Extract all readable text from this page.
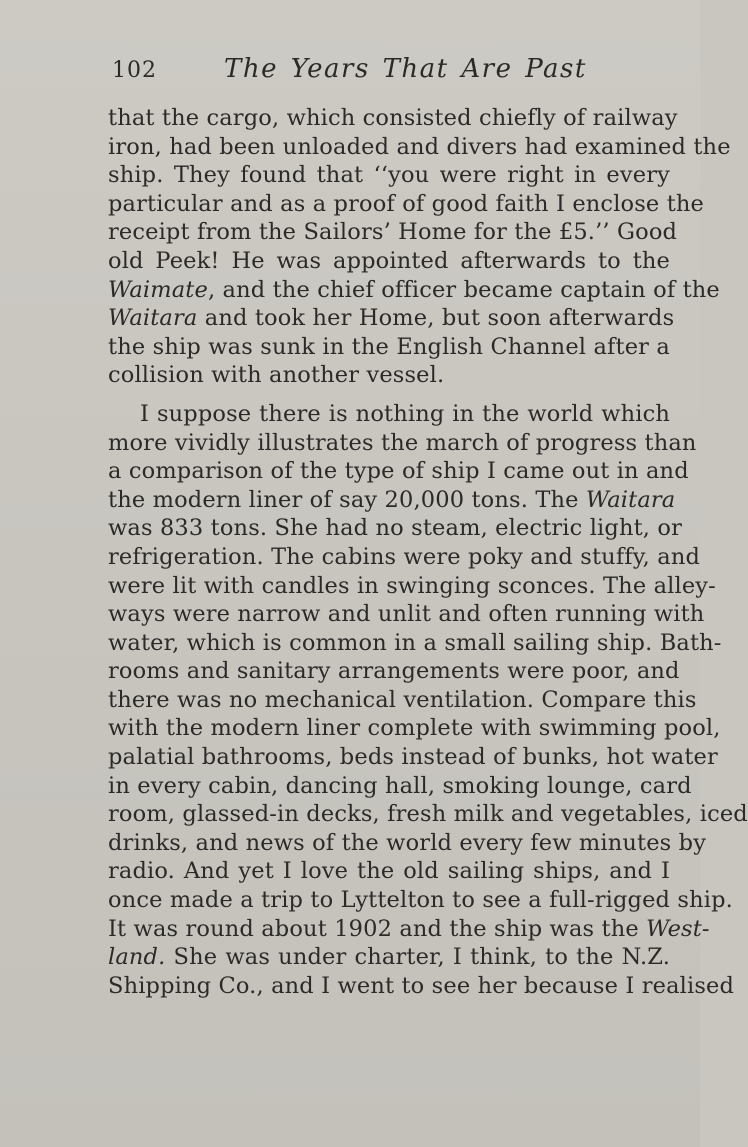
102	The Years That Are Past

that the cargo, which consisted chiefly of railway
iron, had been unloaded and divers had examined the
ship. They found that ‘‘you were right in every
particular and as a proof of good faith I enclose the
receipt from the Sailors’ Home for the £5.’’ Good
old Peek! He was appointed afterwards to the
Waimate, and the chief officer became captain of the
Waitara and took her Home, but soon afterwards
the ship was sunk in the English Channel after a
collision with another vessel.

I suppose there is nothing in the world which
more vividly illustrates the march of progress than
a comparison of the type of ship I came out in and
the modern liner of say 20,000 tons. The Waitara
was 833 tons. She had no steam, electric light, or
refrigeration. The cabins were poky and stuffy, and
were lit with candles in swinging sconces. The alley-
ways were narrow and unlit and often running with
water, which is common in a small sailing ship. Bath-
rooms and sanitary arrangements were poor, and
there was no mechanical ventilation. Compare this
with the modern liner complete with swimming pool,
palatial bathrooms, beds instead of bunks, hot water
in every cabin, dancing hall, smoking lounge, card
room, glassed-in decks, fresh milk and vegetables, iced
drinks, and news of the world every few minutes by
radio. And yet I love the old sailing ships, and I
once made a trip to Lyttelton to see a full-rigged ship.
It was round about 1902 and the ship was the West-
land. She was under charter, I think, to the N.Z.
Shipping Co., and I went to see her because I realised
